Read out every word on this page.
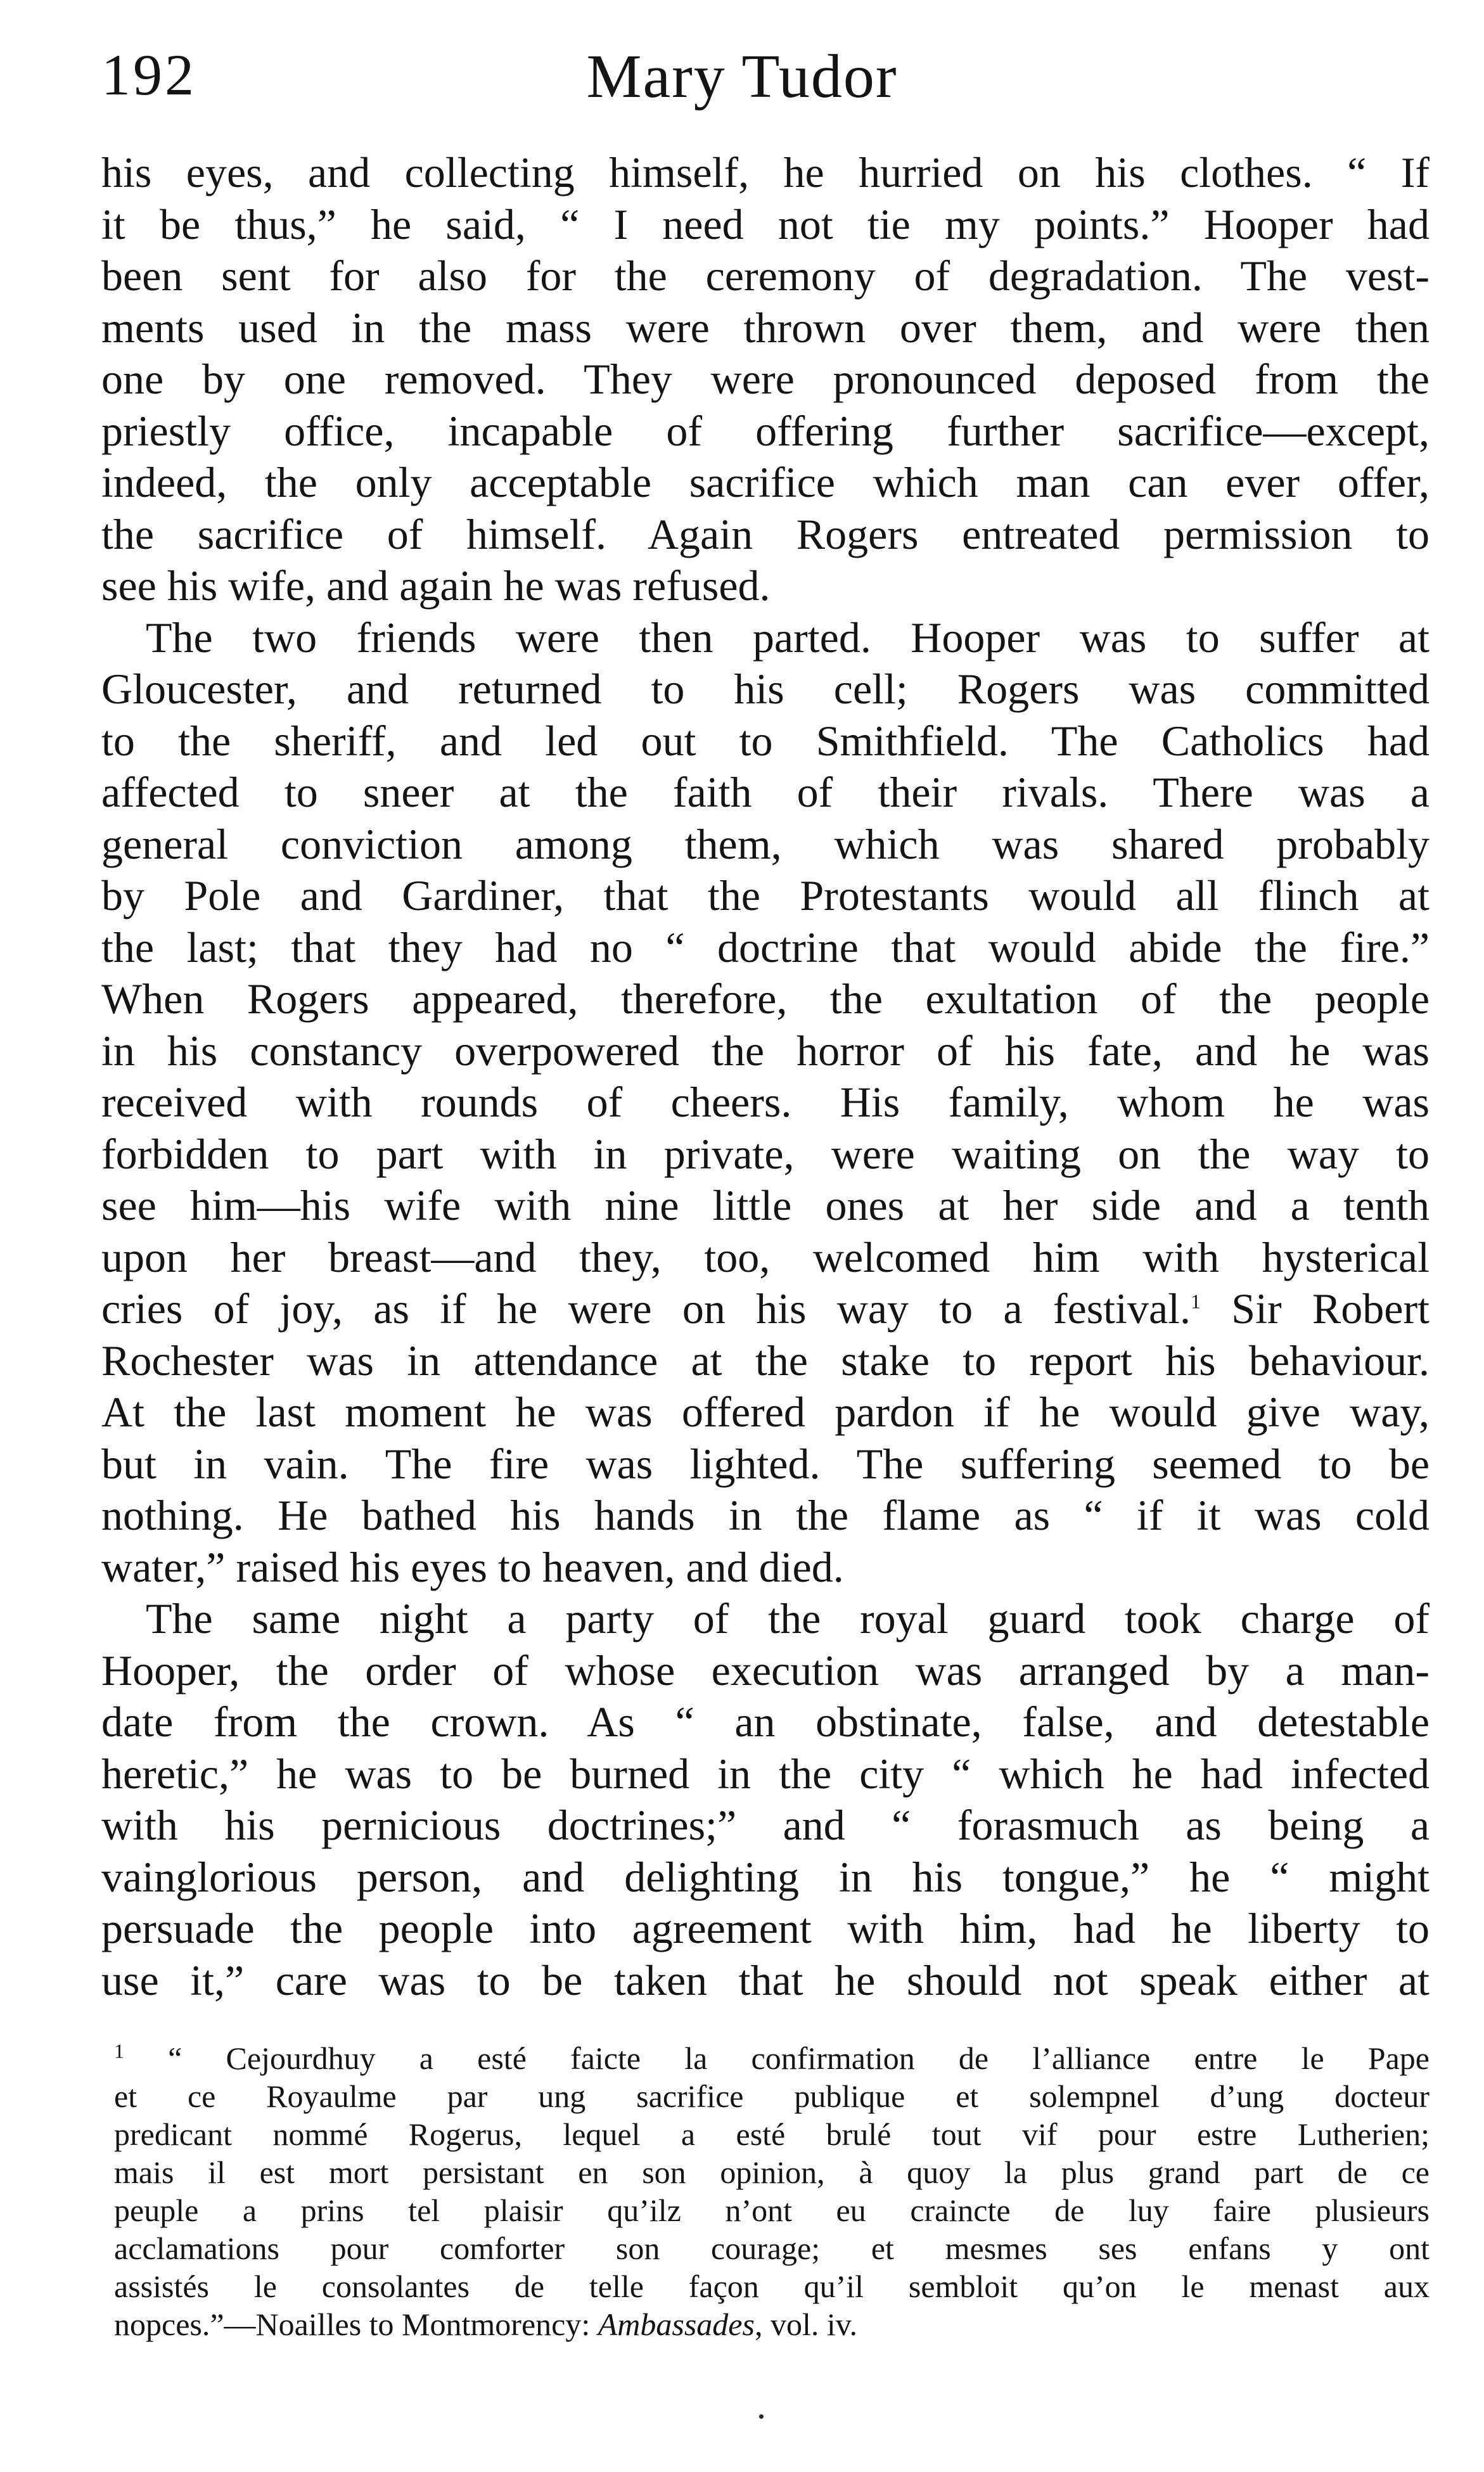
192	Mary Tudor
his eyes, and collecting himself, he hurried on his clothes. “ If
it be thus,” he said, “ I need not tie my points.” Hooper had
been sent for also for the ceremony of degradation. The vest-
ments used in the mass were thrown over them, and were then
one by one removed. They were pronounced deposed from the
priestly office, incapable of offering further sacrifice—except,
indeed, the only acceptable sacrifice which man can ever offer,
the sacrifice of himself. Again Rogers entreated permission to
see his wife, and again he was refused.
The two friends were then parted. Hooper was to suffer at
Gloucester, and returned to his cell; Rogers was committed
to the sheriff, and led out to Smithfield. The Catholics had
affected to sneer at the faith of their rivals. There was a
general conviction among them, which was shared probably
by Pole and Gardiner, that the Protestants would all flinch at
the last; that they had no “ doctrine that would abide the fire.”
When Rogers appeared, therefore, the exultation of the people
in his constancy overpowered the horror of his fate, and he was
received with rounds of cheers. His family, whom he was
forbidden to part with in private, were waiting on the way to
see him—his wife with nine little ones at her side and a tenth
upon her breast—and they, too, welcomed him with hysterical
cries of joy, as if he were on his way to a festival.$^1$ Sir Robert
Rochester was in attendance at the stake to report his behaviour.
At the last moment he was offered pardon if he would give way,
but in vain. The fire was lighted. The suffering seemed to be
nothing. He bathed his hands in the flame as “ if it was cold
water,” raised his eyes to heaven, and died.
The same night a party of the royal guard took charge of
Hooper, the order of whose execution was arranged by a man-
date from the crown. As “ an obstinate, false, and detestable
heretic,” he was to be burned in the city “ which he had infected
with his pernicious doctrines;” and “ forasmuch as being a
vainglorious person, and delighting in his tongue,” he “ might
persuade the people into agreement with him, had he liberty to
use it,” care was to be taken that he should not speak either at
$^1$ “ Cejourdhuy a esté faicte la confirmation de l’alliance entre le Pape
et ce Royaulme par ung sacrifice publique et solempnel d’ung docteur
predicant nommé Rogerus, lequel a esté brulé tout vif pour estre Lutherien;
mais il est mort persistant en son opinion, à quoy la plus grand part de ce
peuple a prins tel plaisir qu’ilz n’ont eu craincte de luy faire plusieurs
acclamations pour comforter son courage; et mesmes ses enfans y ont
assistés le consolantes de telle façon qu’il sembloit qu’on le menast aux
nopces.”—Noailles to Montmorency: Ambassades, vol. iv.
